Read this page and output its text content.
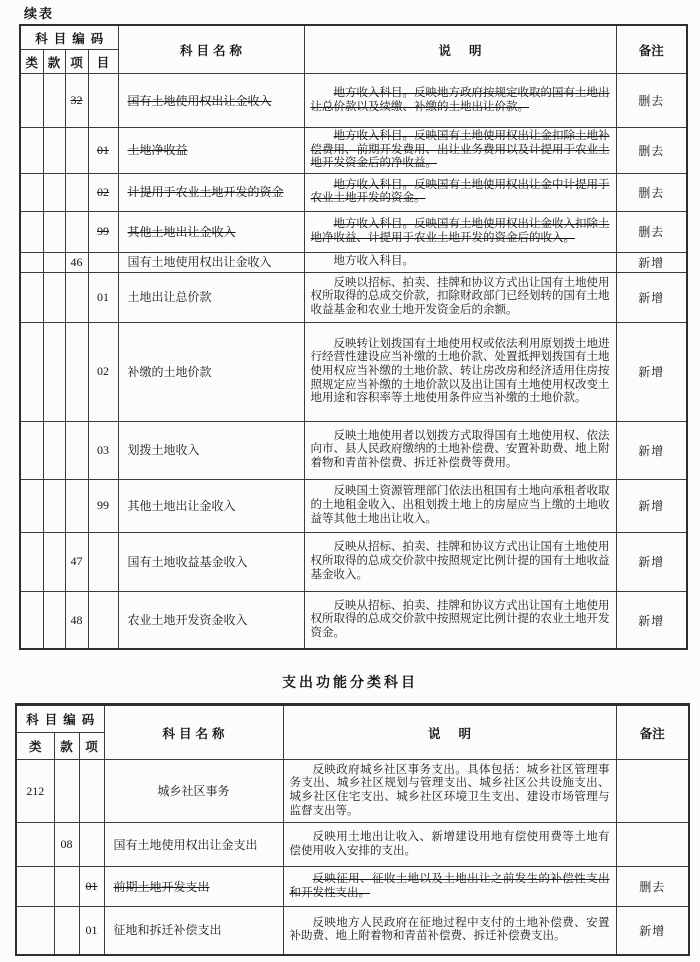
续表
科目编码				科目名称	说明	备注
类	款	项	目			
		32		国有土地使用权出让金收入	地方收入科目。反映地方政府按规定收取的国有土地出让总价款以及续缴、补缴的土地出让价款。	删去
			01	土地净收益	地方收入科目。反映国有土地使用权出让金扣除土地补偿费用、前期开发费用、出让业务费用以及计提用于农业土地开发资金后的净收益。	删去
			02	计提用于农业土地开发的资金	地方收入科目。反映国有土地使用权出让金中计提用于农业土地开发的资金。	删去
			99	其他土地出让金收入	地方收入科目。反映国有土地使用权出让金收入扣除土地净收益、计提用于农业土地开发的资金后的收入。	删去
		46		国有土地使用权出让金收入	地方收入科目。	新增
			01	土地出让总价款	反映以招标、拍卖、挂牌和协议方式出让国有土地使用权所取得的总成交价款，扣除财政部门已经划转的国有土地收益基金和农业土地开发资金后的余额。	新增
			02	补缴的土地价款	反映转让划拨国有土地使用权或依法利用原划拨土地进行经营性建设应当补缴的土地价款、处置抵押划拨国有土地使用权应当补缴的土地价款、转让房改房和经济适用住房按照规定应当补缴的土地价款以及出让国有土地使用权改变土地用途和容积率等土地使用条件应当补缴的土地价款。	新增
			03	划拨土地收入	反映土地使用者以划拨方式取得国有土地使用权、依法向市、县人民政府缴纳的土地补偿费、安置补助费、地上附着物和青苗补偿费、拆迁补偿费等费用。	新增
			99	其他土地出让金收入	反映国土资源管理部门依法出租国有土地向承租者收取的土地租金收入、出租划拨土地上的房屋应当上缴的土地收益等其他土地出让收入。	新增
		47		国有土地收益基金收入	反映从招标、拍卖、挂牌和协议方式出让国有土地使用权所取得的总成交价款中按照规定比例计提的国有土地收益基金收入。	新增
		48		农业土地开发资金收入	反映从招标、拍卖、挂牌和协议方式出让国有土地使用权所取得的总成交价款中按照规定比例计提的农业土地开发资金。	新增
支出功能分类科目
科目编码			科目名称	说明	备注
类	款	项			
212			城乡社区事务	反映政府城乡社区事务支出。具体包括：城乡社区管理事务支出、城乡社区规划与管理支出、城乡社区公共设施支出、城乡社区住宅支出、城乡社区环境卫生支出、建设市场管理与监督支出等。	

	08		国有土地使用权出让金支出	反映用土地出让收入、新增建设用地有偿使用费等土地有偿使用收入安排的支出。	

		01	前期土地开发支出	反映征用、征收土地以及土地出让之前发生的补偿性支出和开发性支出。	删去
		01	征地和拆迁补偿支出	反映地方人民政府在征地过程中支付的土地补偿费、安置补助费、地上附着物和青苗补偿费、拆迁补偿费支出。	新增
